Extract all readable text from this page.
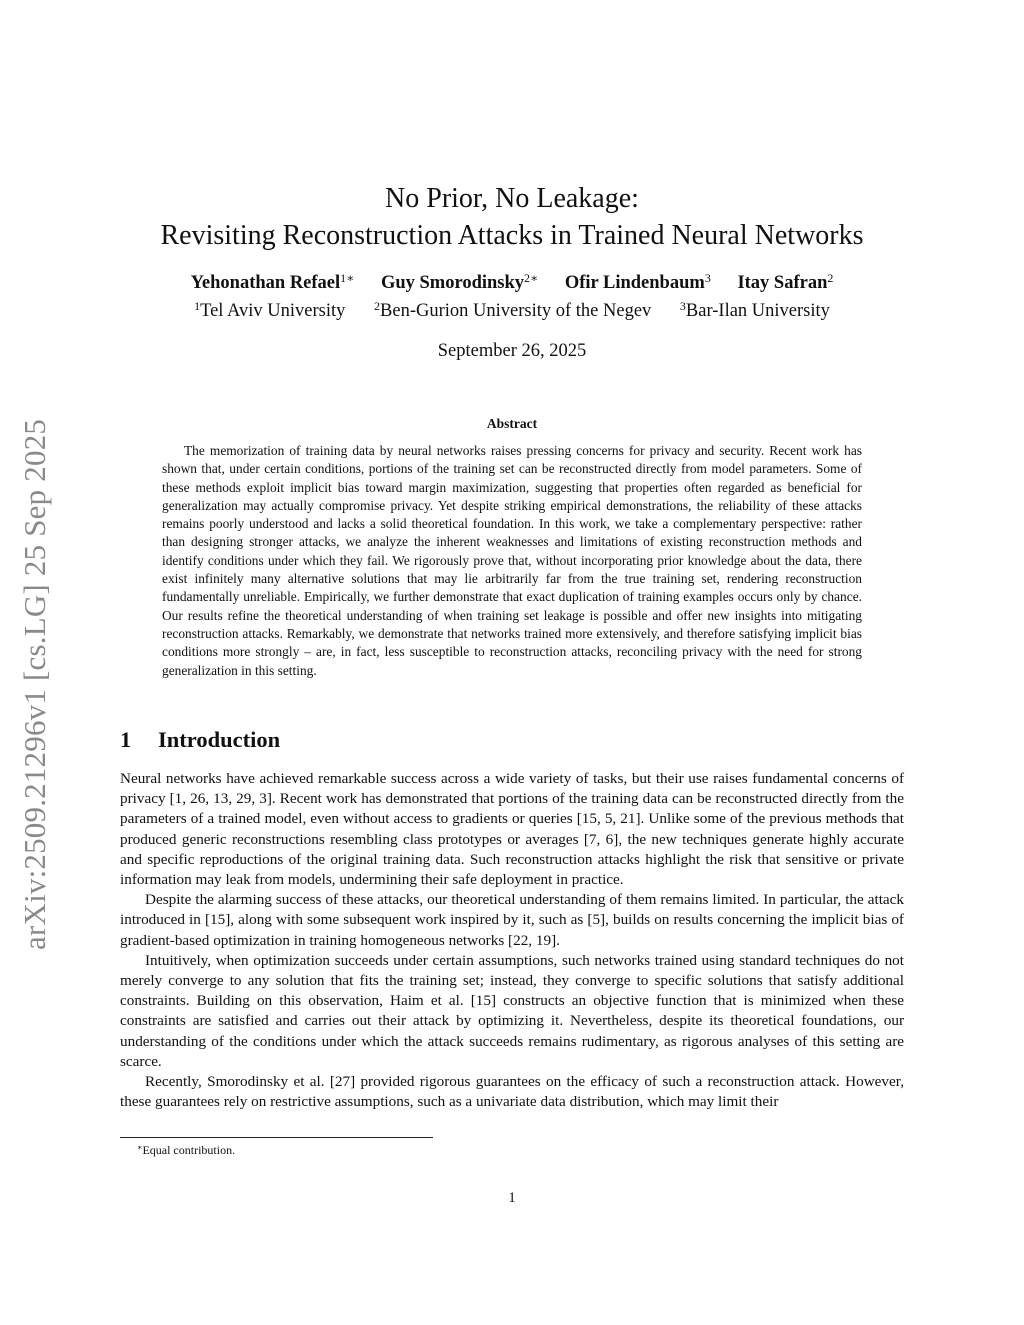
arXiv:2509.21296v1 [cs.LG] 25 Sep 2025
No Prior, No Leakage:
Revisiting Reconstruction Attacks in Trained Neural Networks
Yehonathan Refael$^{1∗}$ Guy Smorodinsky$^{2∗}$ Ofir Lindenbaum$^3$ Itay Safran$^2$
$^1$Tel Aviv University $^2$Ben-Gurion University of the Negev $^3$Bar-Ilan University
September 26, 2025
Abstract
The memorization of training data by neural networks raises pressing concerns for privacy and security. Recent work has shown that, under certain conditions, portions of the training set can be reconstructed directly from model parameters. Some of these methods exploit implicit bias toward margin maximization, suggesting that properties often regarded as beneficial for generalization may actually compromise privacy. Yet despite striking empirical demonstrations, the reliability of these attacks remains poorly understood and lacks a solid theoretical foundation. In this work, we take a complementary perspective: rather than designing stronger attacks, we analyze the inherent weaknesses and limitations of existing reconstruction methods and identify conditions under which they fail. We rigorously prove that, without incorporating prior knowledge about the data, there exist infinitely many alternative solutions that may lie arbitrarily far from the true training set, rendering reconstruction fundamentally unreliable. Empirically, we further demonstrate that exact duplication of training examples occurs only by chance. Our results refine the theoretical understanding of when training set leakage is possible and offer new insights into mitigating reconstruction attacks. Remarkably, we demonstrate that networks trained more extensively, and therefore satisfying implicit bias conditions more strongly – are, in fact, less susceptible to reconstruction attacks, reconciling privacy with the need for strong generalization in this setting.
1 Introduction

Neural networks have achieved remarkable success across a wide variety of tasks, but their use raises fundamental concerns of privacy [1, 26, 13, 29, 3]. Recent work has demonstrated that portions of the training data can be reconstructed directly from the parameters of a trained model, even without access to gradients or queries [15, 5, 21]. Unlike some of the previous methods that produced generic reconstructions resembling class prototypes or averages [7, 6], the new techniques generate highly accurate and specific reproductions of the original training data. Such reconstruction attacks highlight the risk that sensitive or private information may leak from models, undermining their safe deployment in practice.

Despite the alarming success of these attacks, our theoretical understanding of them remains limited. In particular, the attack introduced in [15], along with some subsequent work inspired by it, such as [5], builds on results concerning the implicit bias of gradient-based optimization in training homogeneous networks [22, 19].

Intuitively, when optimization succeeds under certain assumptions, such networks trained using standard techniques do not merely converge to any solution that fits the training set; instead, they converge to specific solutions that satisfy additional constraints. Building on this observation, Haim et al. [15] constructs an objective function that is minimized when these constraints are satisfied and carries out their attack by optimizing it. Nevertheless, despite its theoretical foundations, our understanding of the conditions under which the attack succeeds remains rudimentary, as rigorous analyses of this setting are scarce.

Recently, Smorodinsky et al. [27] provided rigorous guarantees on the efficacy of such a reconstruction attack. However, these guarantees rely on restrictive assumptions, such as a univariate data distribution, which may limit their

∗Equal contribution.
1
